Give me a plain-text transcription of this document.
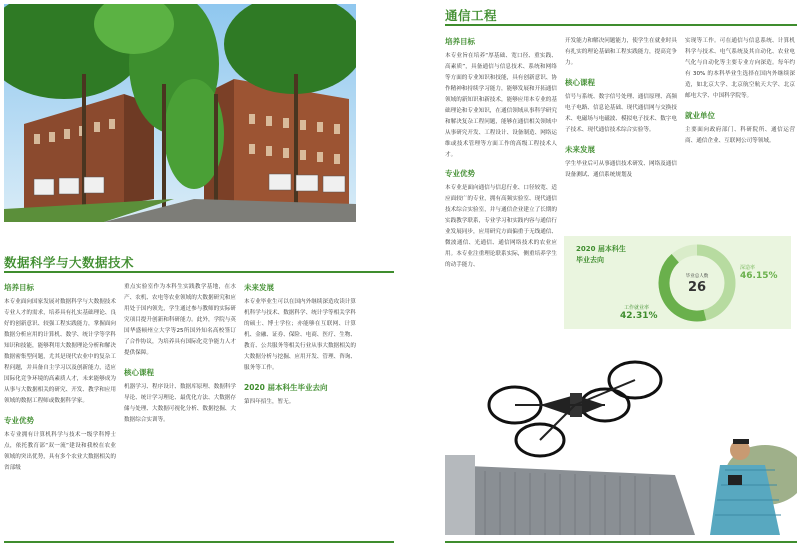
数据科学与大数据技术
培养目标
本专业面向国家发展对数据科学与大数据技术专业人才的需求，培养具有扎实基础理论、良好的创新意识、较强工程实践能力，掌握面向数据分析应用的计算机、数学、统计学等学科知识和技能，能够利用大数据理论分析和解决数据密集型问题，尤其是现代农业中的复杂工程问题，并具备自主学习以及创新能力，适应国际化竞争环境的高素质人才，未来能够成为从事与大数据相关的研究、开发、教学和应用领域的数据工程师或数据科学家。
专业优势
本专业拥有计算机科学与技术一级学科博士点，依托教育部“双一流”建设和我校在农业领域的突出优势，具有多个农业大数据相关的省部级
重点实验室作为本科生实践教学基地，在水产、农机、农电等农业领域的大数据研究和应用处于国内领先，学生通过参与教师的实际研究项目提升创新和科研能力。此外，学院与英国华盛顿州立大学等25所国外知名高校签订了合作协议，为培养具有国际化竞争能力人才提供保障。
核心课程
机器学习、程序设计、数据库原理、数据科学导论、统计学习理论、最优化方法、大数据存储与处理、大数据可视化分析、数据挖掘、大数据综合实训等。
未来发展
本专业毕业生可以在国内外继续深造攻读计算机科学与技术、数据科学、统计学等相关学科的硕士、博士学位；亦能够在互联网、计算机、金融、证券、保险、电商、医疗、生物、教育、公共服务等相关行业从事大数据相关的大数据分析与挖掘、应用开发、管理、咨询、服务等工作。
2020 届本科生毕业去向
第四年招生，暂无。
通信工程
培养目标
本专业旨在培养“厚基础、宽口径、重实践、高素质”，具备通信与信息技术、系统和网络等方面的专业知识和技能，具有创新意识、协作精神和持续学习能力，能够发展和开拓通信领域的新知识和新技术，能够应用本专业的基础理论和专业知识，在通信领域从事科学研究和解决复杂工程问题，能够在通信相关领域中从事研究开发、工程设计、设备制造、网络运维或技术管理等方面工作的高级工程技术人才。
专业优势
本专业是面向通信与信息行业、口径较宽、适应面较广的专业，拥有高频实验室、现代通信技术综合实验室，并与通信企业建立了长期的实践教学联系，专业学习和实践内容与通信行业发展同步，应用研究方面偏重于无线通信、微波通信、光通信、通信网络技术的农业应用。本专业注重理论联系实际，侧重培养学生的动手能力、
开发能力和解决问题能力，使学生在就业时具有扎实的理论基础和工程实践能力，提高竞争力。
核心课程
信号与系统、数字信号处理、通信原理、高频电子电路、信息论基础、现代通信网与交换技术、电磁场与电磁波、模拟电子技术、数字电子技术、现代通信技术综合实验等。
未来发展
学生毕业后可从事通信技术研发、网络及通信设备测试、通信系统规划及
实现等工作。可在通信与信息系统、计算机科学与技术、电气系统及其自动化、农业电气化与自动化等主要专业方向深造。每年约有 30% 的本科毕业生选择在国内外继续深造，如北京大学、北京航空航天大学、北京邮电大学、中国科学院等。
就业单位
主要面向政府部门、科研院所、通信运营商、通信企业、互联网公司等领域。
2020 届本科生
毕业去向
毕业总人数
26
深造率
46.15%
工作就业率
42.31%
